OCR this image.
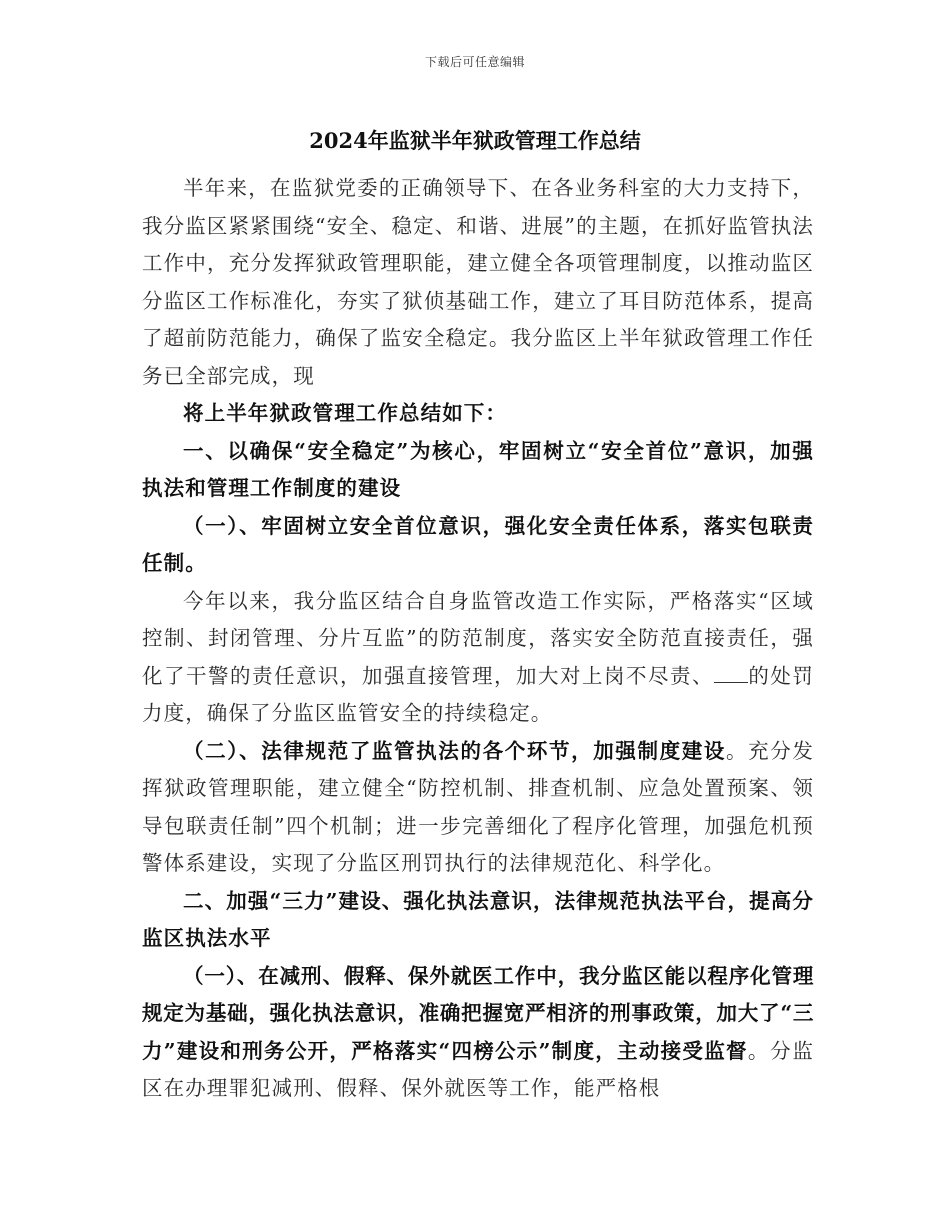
下载后可任意编辑
2024年监狱半年狱政管理工作总结

半年来，在监狱党委的正确领导下、在各业务科室的大力支持下，我分监区紧紧围绕“安全、稳定、和谐、进展”的主题，在抓好监管执法工作中，充分发挥狱政管理职能，建立健全各项管理制度，以推动监区分监区工作标准化，夯实了狱侦基础工作，建立了耳目防范体系，提高了超前防范能力，确保了监安全稳定。我分监区上半年狱政管理工作任务已全部完成，现

将上半年狱政管理工作总结如下：

一、以确保“安全稳定”为核心，牢固树立“安全首位”意识，加强执法和管理工作制度的建设

（一）、牢固树立安全首位意识，强化安全责任体系，落实包联责任制。

今年以来，我分监区结合自身监管改造工作实际，严格落实“区域控制、封闭管理、分片互监”的防范制度，落实安全防范直接责任，强化了干警的责任意识，加强直接管理，加大对上岗不尽责、 的处罚力度，确保了分监区监管安全的持续稳定。

（二）、法律规范了监管执法的各个环节，加强制度建设。充分发挥狱政管理职能，建立健全“防控机制、排查机制、应急处置预案、领导包联责任制”四个机制；进一步完善细化了程序化管理，加强危机预警体系建设，实现了分监区刑罚执行的法律规范化、科学化。

二、加强“三力”建设、强化执法意识，法律规范执法平台，提高分监区执法水平

（一）、在减刑、假释、保外就医工作中，我分监区能以程序化管理规定为基础，强化执法意识，准确把握宽严相济的刑事政策，加大了“三力”建设和刑务公开，严格落实“四榜公示”制度，主动接受监督。分监区在办理罪犯减刑、假释、保外就医等工作，能严格根
